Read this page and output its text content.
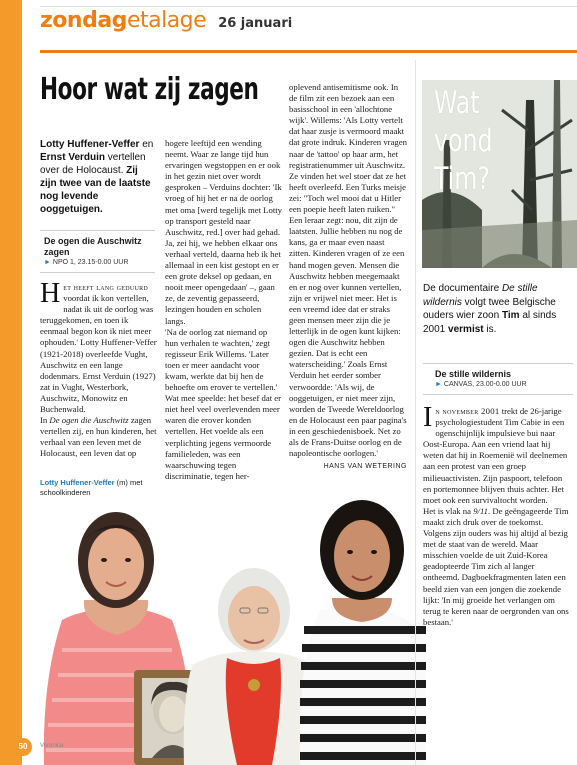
zondag etalage 26 januari
Hoor wat zij zagen
Lotty Huffener-Veffer en Ernst Verduin vertellen over de Holocaust. Zij zijn twee van de laatste nog levende ooggetuigen.
De ogen die Auschwitz zagen
► NPO 1, 23.15-0.00 UUR
H et heeft lang geduurd voordat ik kon vertellen, nadat ik uit de oorlog was teruggekomen, en toen ik eenmaal begon kon ik niet meer ophouden.' Lotty Huffener-Veffer (1921-2018) overleefde Vught, Auschwitz en een lange dodenmars. Ernst Verduin (1927) zat in Vught, Westerbork, Auschwitz, Monowitz en Buchenwald.

In De ogen die Auschwitz zagen vertellen zij, en hun kinderen, het verhaal van een leven met de Holocaust, een leven dat op

hogere leeftijd een wending neemt. Waar ze lange tijd hun ervaringen wegstoppen en er ook in het gezin niet over wordt gesproken – Verduins dochter: 'Ik vroeg of hij het er na de oorlog met oma [werd tegelijk met Lotty op transport gesteld naar Auschwitz, red.] over had gehad. Ja, zei hij, we hebben elkaar ons verhaal verteld, daarna heb ik het allemaal in een kist gestopt en er een grote deksel op gedaan, en nooit meer opengedaan' –, gaan ze, de zeventig gepasseerd, lezingen houden en scholen langs.

'Na de oorlog zat niemand op hun verhalen te wachten,' zegt regisseur Erik Willems. 'Later toen er meer aandacht voor kwam, werkte dat bij hen de behoefte om erover te vertellen.' Wat mee speelde: het besef dat er niet heel veel overlevenden meer waren die erover konden vertellen. Het voelde als een verplichting jegens vermoorde familieleden, was een waarschuwing tegen discriminatie, tegen her-

oplevend antisemitisme ook. In de film zit een bezoek aan een basisschool in een 'allochtone wijk'. Willems: 'Als Lotty vertelt dat haar zusje is vermoord maakt dat grote indruk. Kinderen vragen naar de 'tattoo' op haar arm, het registratienummer uit Auschwitz. Ze vinden het wel stoer dat ze het heeft overleefd. Een Turks meisje zei: "Toch wel mooi dat u Hitler een poepie heeft laten ruiken." Een leraar zegt: nou, dit zijn de laatsten. Jullie hebben nu nog de kans, ga er maar even naast zitten. Kinderen vragen of ze een hand mogen geven. Mensen die Auschwitz hebben meegemaakt en er nog over kunnen vertellen, zijn er vrijwel niet meer. Het is een vreemd idee dat er straks geen mensen meer zijn die je letterlijk in de ogen kunt kijken: ogen die Auschwitz hebben gezien. Dat is echt een waterscheiding.' Zoals Ernst Verduin het eerder somber verwoordde: 'Als wij, de ooggetuigen, er niet meer zijn, worden de Tweede Wereldoorlog en de Holocaust een paar pagina's in een geschiedenisboek. Net zo als de Frans-Duitse oorlog en de napoleontische oorlogen.'

HANS VAN WETERING
Lotty Huffener-Veffer (m) met schoolkinderen
Wat
vond
Tim?
De documentaire De stille wildernis volgt twee Belgische ouders wier zoon Tim al sinds 2001 vermist is.
De stille wildernis
► CANVAS, 23.00-0.00 UUR
I n november 2001 trekt de 26-jarige psychologiestudent Tim Cabie in een ogenschijnlijk impulsieve bui naar Oost-Europa. Aan een vriend laat hij weten dat hij in Roemenië wil deelnemen aan een protest van een groep milieuactivisten. Zijn paspoort, telefoon en portemonnee blijven thuis achter. Het moet ook een survivaltocht worden.

Het is vlak na 9/11. De geëngageerde Tim maakt zich druk over de toekomst. Volgens zijn ouders was hij altijd al bezig met de staat van de wereld. Maar misschien voelde de uit Zuid-Korea geadopteerde Tim zich al langer ontheemd. Dagboekfragmenten laten een beeld zien van een jongen die zoekende lijkt: 'In mij groeide het verlangen om terug te keren naar de oergronden van ons bestaan.'

50	Veronica
